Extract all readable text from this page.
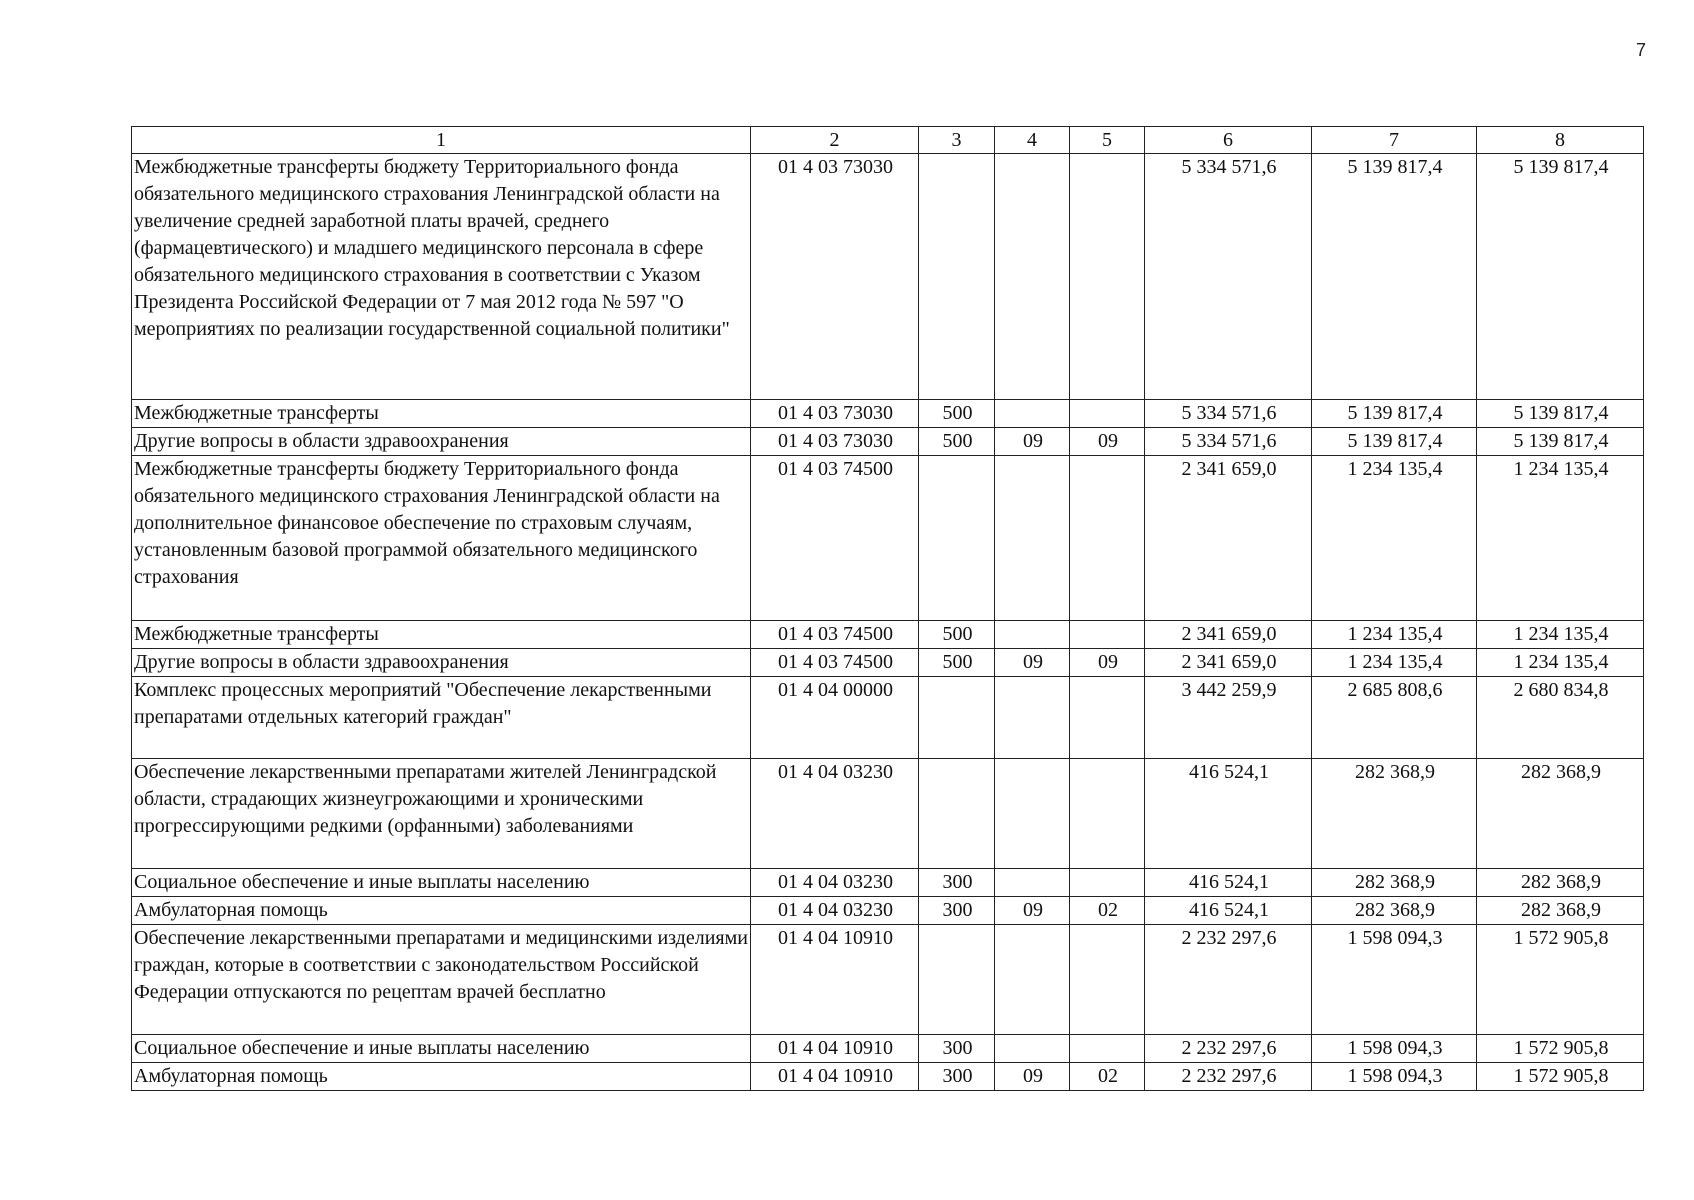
7
1	2	3	4	5	6	7	8
Межбюджетные трансферты бюджету Территориального фонда обязательного медицинского страхования Ленинградской области на увеличение средней заработной платы врачей, среднего (фармацевтического) и младшего медицинского персонала в сфере обязательного медицинского страхования в соответствии с Указом Президента Российской Федерации от 7 мая 2012 года № 597 "О мероприятиях по реализации государственной социальной политики"	01 4 03 73030				5 334 571,6	5 139 817,4	5 139 817,4
Межбюджетные трансферты	01 4 03 73030	500			5 334 571,6	5 139 817,4	5 139 817,4
Другие вопросы в области здравоохранения	01 4 03 73030	500	09	09	5 334 571,6	5 139 817,4	5 139 817,4
Межбюджетные трансферты бюджету Территориального фонда обязательного медицинского страхования Ленинградской области на дополнительное финансовое обеспечение по страховым случаям, установленным базовой программой обязательного медицинского страхования	01 4 03 74500				2 341 659,0	1 234 135,4	1 234 135,4
Межбюджетные трансферты	01 4 03 74500	500			2 341 659,0	1 234 135,4	1 234 135,4
Другие вопросы в области здравоохранения	01 4 03 74500	500	09	09	2 341 659,0	1 234 135,4	1 234 135,4
Комплекс процессных мероприятий "Обеспечение лекарственными препаратами отдельных категорий граждан"	01 4 04 00000				3 442 259,9	2 685 808,6	2 680 834,8
Обеспечение лекарственными препаратами жителей Ленинградской области, страдающих жизнеугрожающими и хроническими прогрессирующими редкими (орфанными) заболеваниями	01 4 04 03230				416 524,1	282 368,9	282 368,9
Социальное обеспечение и иные выплаты населению	01 4 04 03230	300			416 524,1	282 368,9	282 368,9
Амбулаторная помощь	01 4 04 03230	300	09	02	416 524,1	282 368,9	282 368,9
Обеспечение лекарственными препаратами и медицинскими изделиями граждан, которые в соответствии с законодательством Российской Федерации отпускаются по рецептам врачей бесплатно	01 4 04 10910				2 232 297,6	1 598 094,3	1 572 905,8
Социальное обеспечение и иные выплаты населению	01 4 04 10910	300			2 232 297,6	1 598 094,3	1 572 905,8
Амбулаторная помощь	01 4 04 10910	300	09	02	2 232 297,6	1 598 094,3	1 572 905,8
